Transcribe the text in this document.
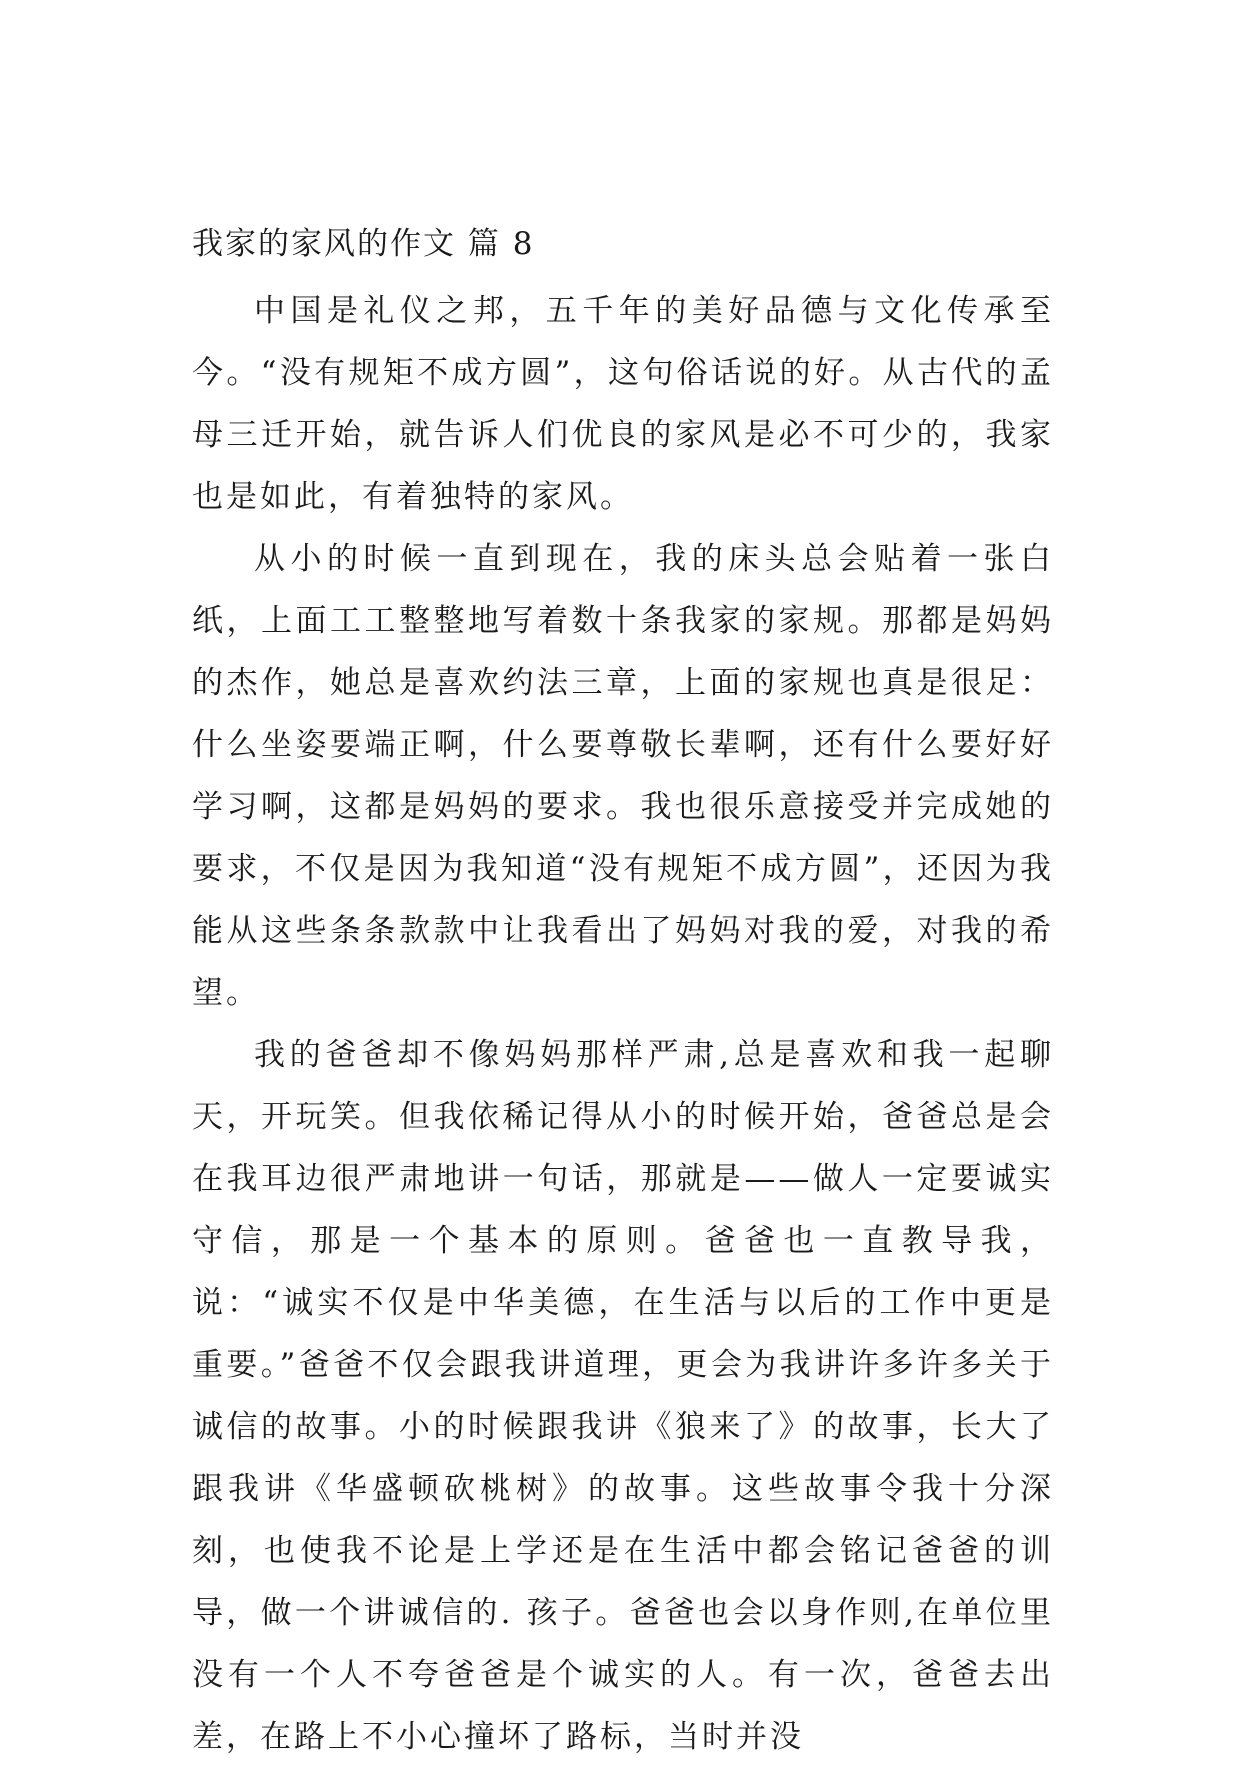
我家的家风的作文 篇 8

中国是礼仪之邦，五千年的美好品德与文化传承至今。“没有规矩不成方圆”，这句俗话说的好。从古代的孟母三迁开始，就告诉人们优良的家风是必不可少的，我家也是如此，有着独特的家风。

从小的时候一直到现在，我的床头总会贴着一张白纸，上面工工整整地写着数十条我家的家规。那都是妈妈的杰作，她总是喜欢约法三章，上面的家规也真是很足：什么坐姿要端正啊，什么要尊敬长辈啊，还有什么要好好学习啊，这都是妈妈的要求。我也很乐意接受并完成她的要求，不仅是因为我知道“没有规矩不成方圆”，还因为我能从这些条条款款中让我看出了妈妈对我的爱，对我的希望。

我的爸爸却不像妈妈那样严肃,总是喜欢和我一起聊天，开玩笑。但我依稀记得从小的时候开始，爸爸总是会在我耳边很严肃地讲一句话，那就是——做人一定要诚实守信，那是一个基本的原则。爸爸也一直教导我，说：“诚实不仅是中华美德，在生活与以后的工作中更是重要。”爸爸不仅会跟我讲道理，更会为我讲许多许多关于诚信的故事。小的时候跟我讲《狼来了》的故事，长大了跟我讲《华盛顿砍桃树》的故事。这些故事令我十分深刻，也使我不论是上学还是在生活中都会铭记爸爸的训导，做一个讲诚信的. 孩子。爸爸也会以身作则,在单位里没有一个人不夸爸爸是个诚实的人。有一次，爸爸去出差，在路上不小心撞坏了路标，当时并没
